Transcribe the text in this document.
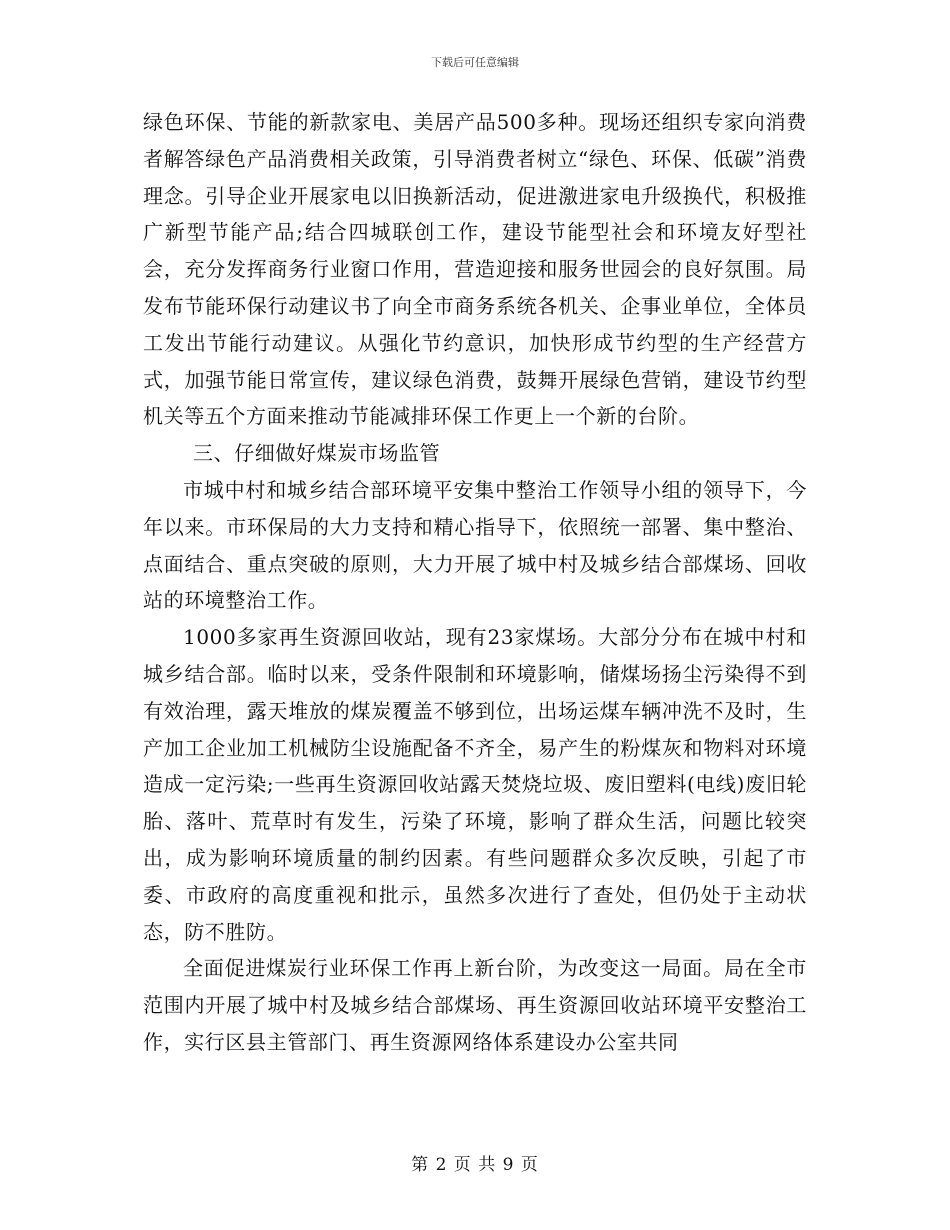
下载后可任意编辑

绿色环保、节能的新款家电、美居产品500多种。现场还组织专家向消费者解答绿色产品消费相关政策，引导消费者树立“绿色、环保、低碳”消费理念。引导企业开展家电以旧换新活动，促进激进家电升级换代，积极推广新型节能产品;结合四城联创工作，建设节能型社会和环境友好型社会，充分发挥商务行业窗口作用，营造迎接和服务世园会的良好氛围。局发布节能环保行动建议书了向全市商务系统各机关、企事业单位，全体员工发出节能行动建议。从强化节约意识，加快形成节约型的生产经营方式，加强节能日常宣传，建议绿色消费，鼓舞开展绿色营销，建设节约型机关等五个方面来推动节能减排环保工作更上一个新的台阶。

三、仔细做好煤炭市场监管

市城中村和城乡结合部环境平安集中整治工作领导小组的领导下，今年以来。市环保局的大力支持和精心指导下，依照统一部署、集中整治、点面结合、重点突破的原则，大力开展了城中村及城乡结合部煤场、回收站的环境整治工作。

1000多家再生资源回收站，现有23家煤场。大部分分布在城中村和城乡结合部。临时以来，受条件限制和环境影响，储煤场扬尘污染得不到有效治理，露天堆放的煤炭覆盖不够到位，出场运煤车辆冲洗不及时，生产加工企业加工机械防尘设施配备不齐全，易产生的粉煤灰和物料对环境造成一定污染;一些再生资源回收站露天焚烧垃圾、废旧塑料(电线)废旧轮胎、落叶、荒草时有发生，污染了环境，影响了群众生活，问题比较突出，成为影响环境质量的制约因素。有些问题群众多次反映，引起了市委、市政府的高度重视和批示，虽然多次进行了查处，但仍处于主动状态，防不胜防。

全面促进煤炭行业环保工作再上新台阶，为改变这一局面。局在全市范围内开展了城中村及城乡结合部煤场、再生资源回收站环境平安整治工作，实行区县主管部门、再生资源网络体系建设办公室共同

第 2 页 共 9 页
